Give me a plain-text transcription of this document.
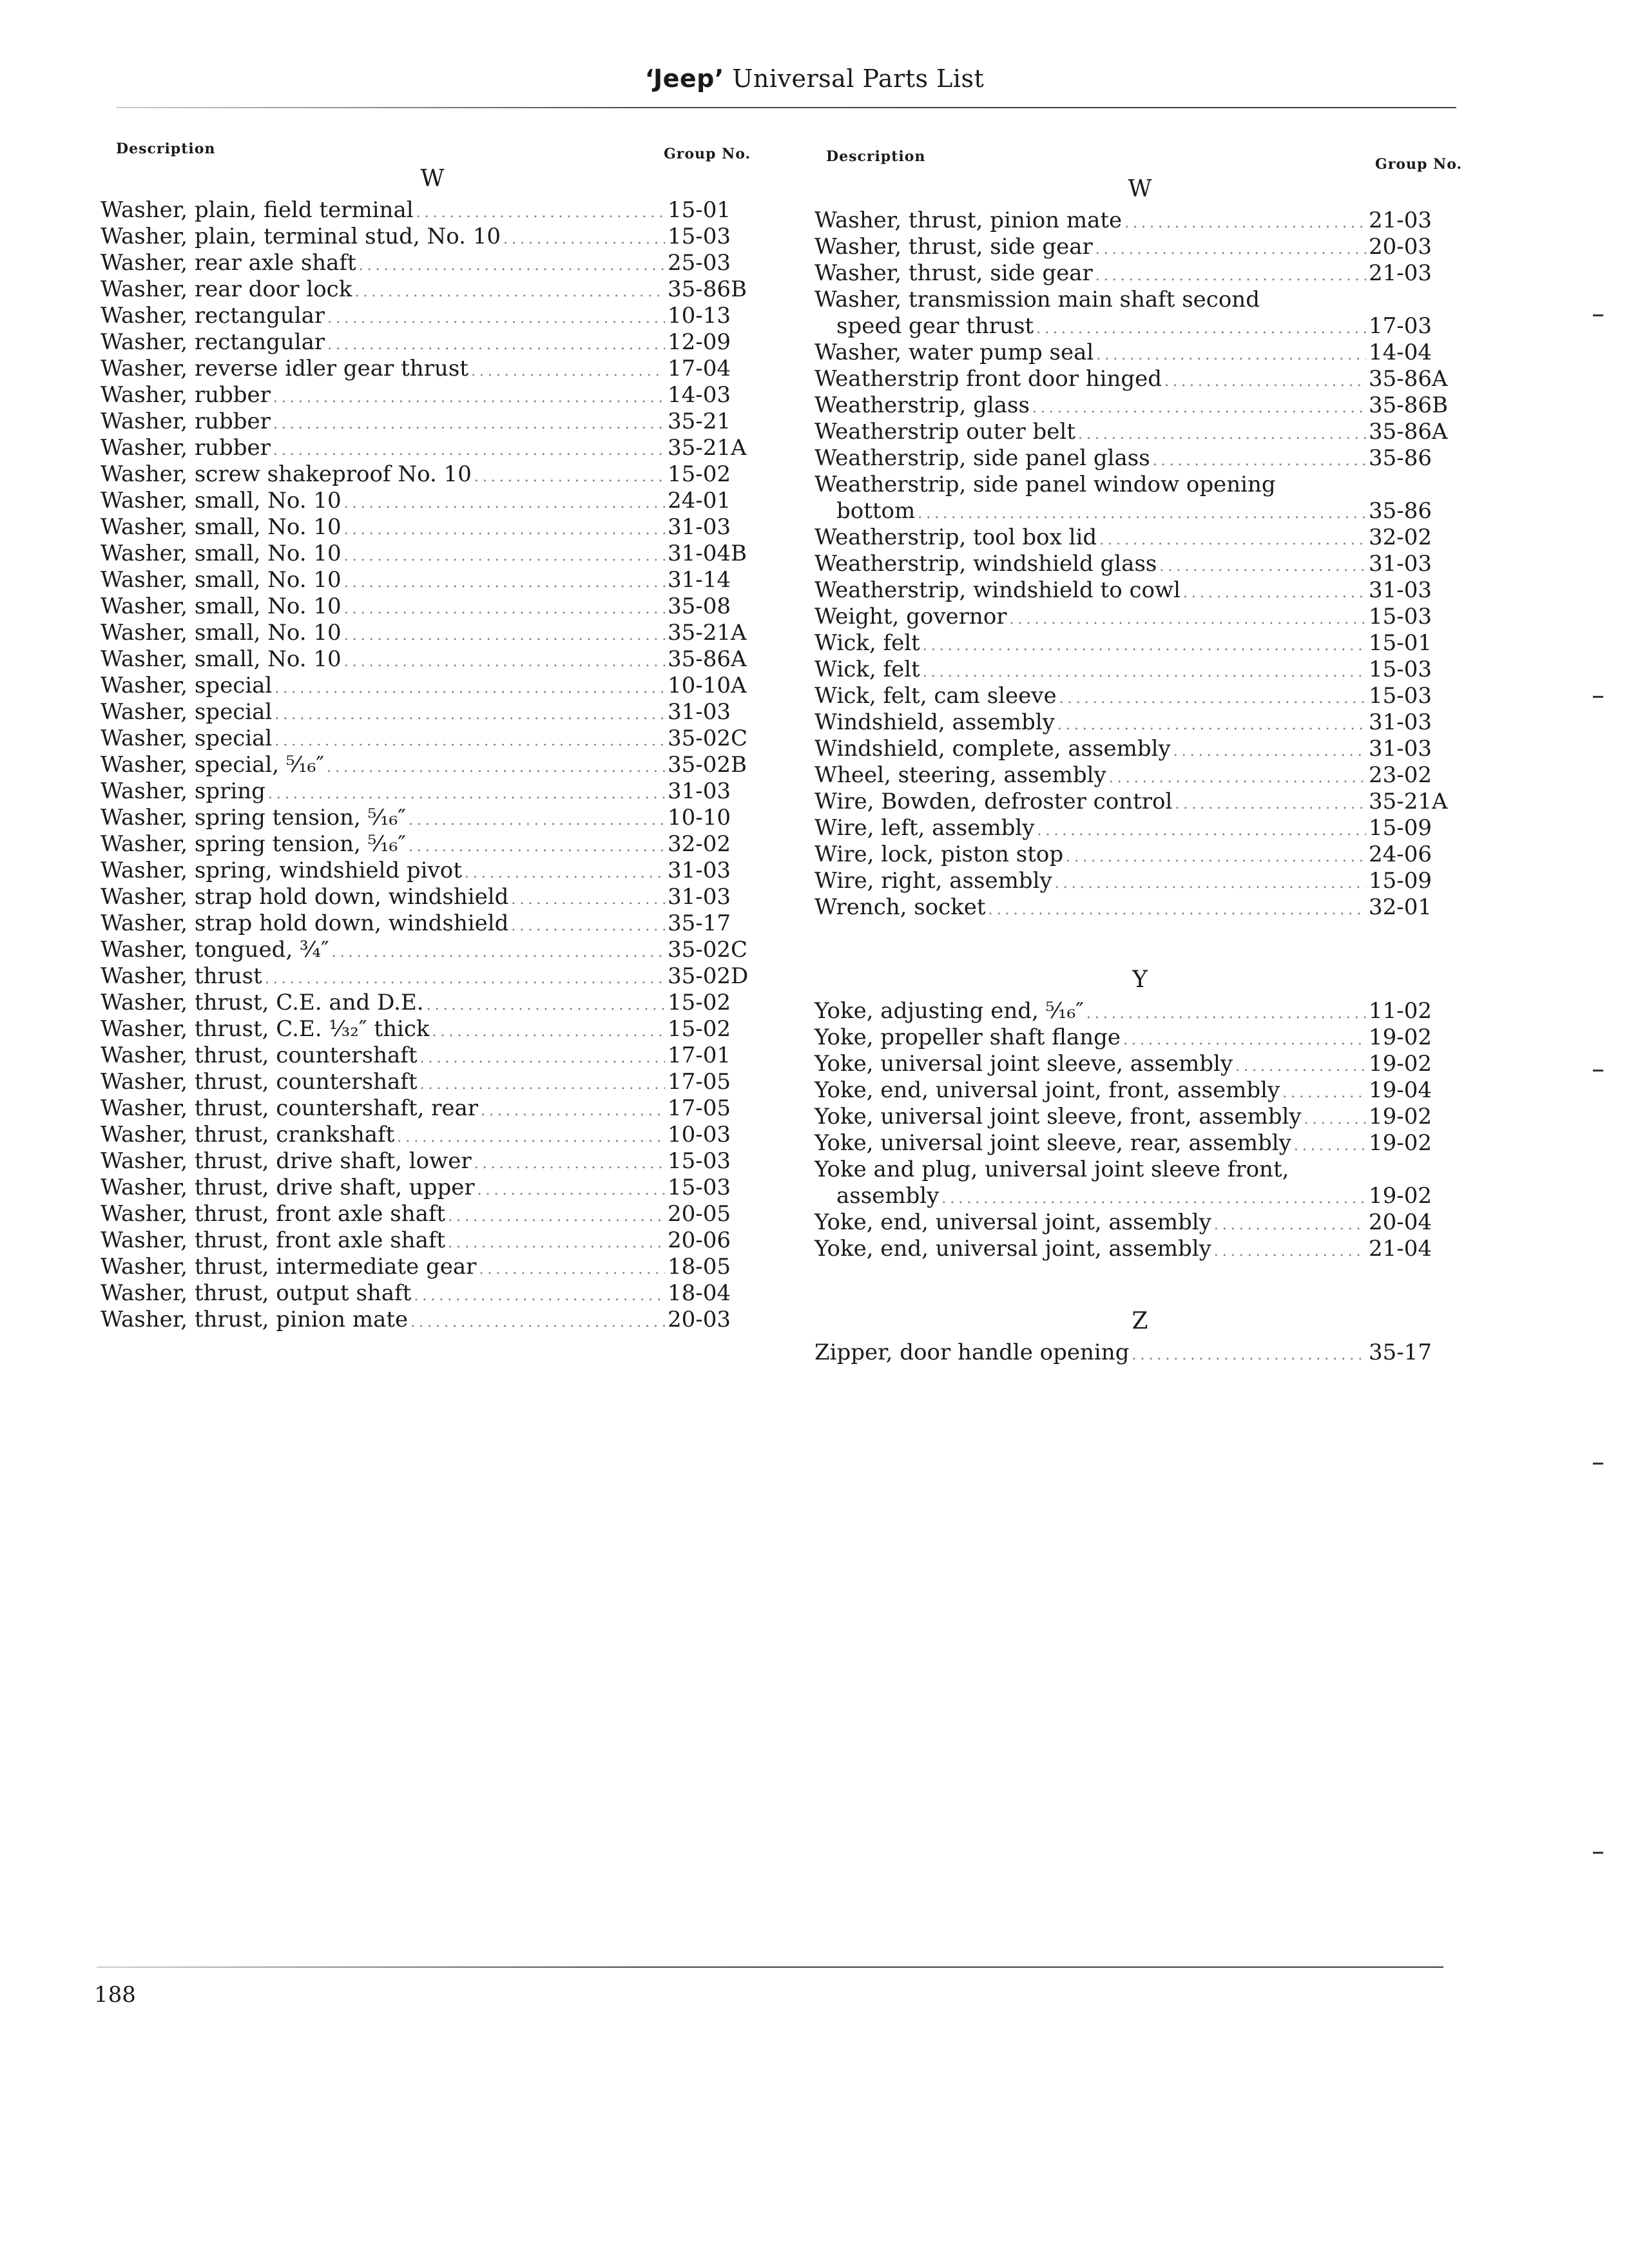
‘Jeep’ Universal Parts List
Description	Group No.	Description	Group No.
W
Washer, plain, field terminal .....	15-01
Washer, plain, terminal stud, No. 10 .....	15-03
Washer, rear axle shaft .....	25-03
Washer, rear door lock .....	35-86B
Washer, rectangular .....	10-13
Washer, rectangular .....	12-09
Washer, reverse idler gear thrust .....	17-04
Washer, rubber .....	14-03
Washer, rubber .....	35-21
Washer, rubber .....	35-21A
Washer, screw shakeproof No. 10 .....	15-02
Washer, small, No. 10 .....	24-01
Washer, small, No. 10 .....	31-03
Washer, small, No. 10 .....	31-04B
Washer, small, No. 10 .....	31-14
Washer, small, No. 10 .....	35-08
Washer, small, No. 10 .....	35-21A
Washer, small, No. 10 .....	35-86A
Washer, special .....	10-10A
Washer, special .....	31-03
Washer, special .....	35-02C
Washer, special, ⁵⁄₁₆″ .....	35-02B
Washer, spring .....	31-03
Washer, spring tension, ⁵⁄₁₆″ .....	10-10
Washer, spring tension, ⁵⁄₁₆″ .....	32-02
Washer, spring, windshield pivot .....	31-03
Washer, strap hold down, windshield .....	31-03
Washer, strap hold down, windshield .....	35-17
Washer, tongued, ³⁄₄″ .....	35-02C
Washer, thrust .....	35-02D
Washer, thrust, C.E. and D.E. .....	15-02
Washer, thrust, C.E. ¹⁄₃₂″ thick .....	15-02
Washer, thrust, countershaft .....	17-01
Washer, thrust, countershaft .....	17-05
Washer, thrust, countershaft, rear .....	17-05
Washer, thrust, crankshaft .....	10-03
Washer, thrust, drive shaft, lower .....	15-03
Washer, thrust, drive shaft, upper .....	15-03
Washer, thrust, front axle shaft .....	20-05
Washer, thrust, front axle shaft .....	20-06
Washer, thrust, intermediate gear .....	18-05
Washer, thrust, output shaft .....	18-04
Washer, thrust, pinion mate .....	20-03
W
Washer, thrust, pinion mate .....	21-03
Washer, thrust, side gear .....	20-03
Washer, thrust, side gear .....	21-03
Washer, transmission main shaft second
speed gear thrust .....	17-03
Washer, water pump seal .....	14-04
Weatherstrip front door hinged .....	35-86A
Weatherstrip, glass .....	35-86B
Weatherstrip outer belt .....	35-86A
Weatherstrip, side panel glass .....	35-86
Weatherstrip, side panel window opening
bottom .....	35-86
Weatherstrip, tool box lid .....	32-02
Weatherstrip, windshield glass .....	31-03
Weatherstrip, windshield to cowl .....	31-03
Weight, governor .....	15-03
Wick, felt .....	15-01
Wick, felt .....	15-03
Wick, felt, cam sleeve .....	15-03
Windshield, assembly .....	31-03
Windshield, complete, assembly .....	31-03
Wheel, steering, assembly .....	23-02
Wire, Bowden, defroster control .....	35-21A
Wire, left, assembly .....	15-09
Wire, lock, piston stop .....	24-06
Wire, right, assembly .....	15-09
Wrench, socket .....	32-01
Y
Yoke, adjusting end, ⁵⁄₁₆″ .....	11-02
Yoke, propeller shaft flange .....	19-02
Yoke, universal joint sleeve, assembly .....	19-02
Yoke, end, universal joint, front, assembly .....	19-04
Yoke, universal joint sleeve, front, assembly .....	19-02
Yoke, universal joint sleeve, rear, assembly .....	19-02
Yoke and plug, universal joint sleeve front,
assembly .....	19-02
Yoke, end, universal joint, assembly .....	20-04
Yoke, end, universal joint, assembly .....	21-04
Z
Zipper, door handle opening .....	35-17
188
